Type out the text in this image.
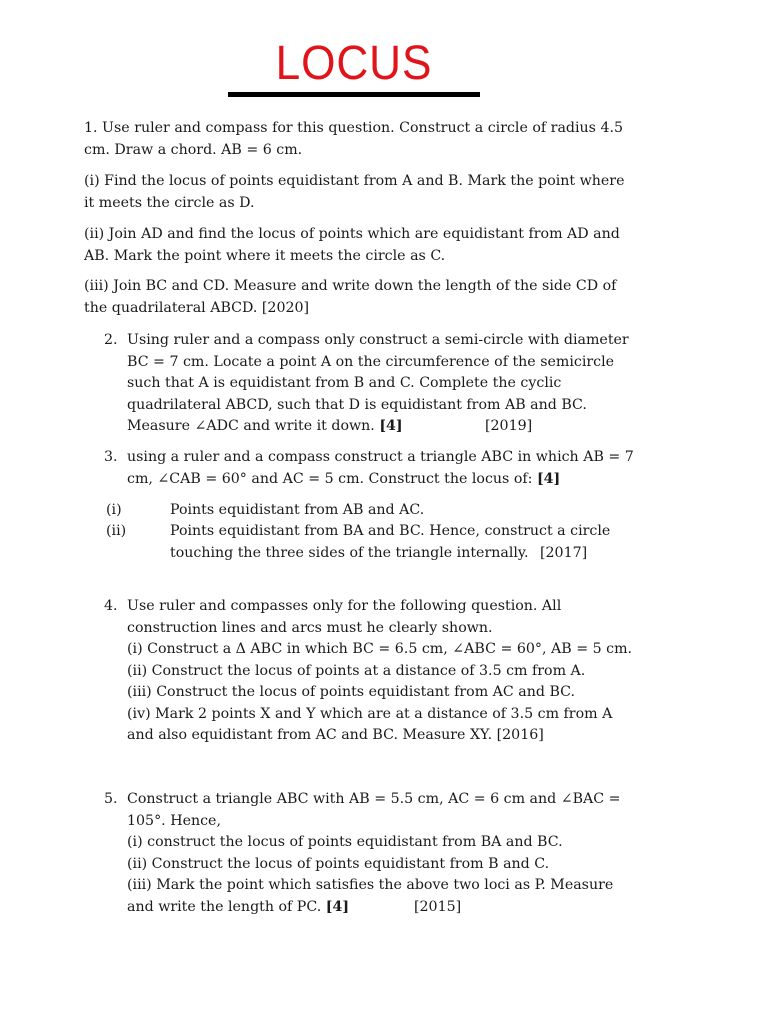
LOCUS
1. Use ruler and compass for this question. Construct a circle of radius 4.5
cm. Draw a chord. AB = 6 cm.
(i) Find the locus of points equidistant from A and B. Mark the point where
it meets the circle as D.
(ii) Join AD and find the locus of points which are equidistant from AD and
AB. Mark the point where it meets the circle as C.
(iii) Join BC and CD. Measure and write down the length of the side CD of
the quadrilateral ABCD. [2020]
2. Using ruler and a compass only construct a semi-circle with diameter
BC = 7 cm. Locate a point A on the circumference of the semicircle
such that A is equidistant from B and C. Complete the cyclic
quadrilateral ABCD, such that D is equidistant from AB and BC.
Measure ∠ADC and write it down. [4]	[2019]
3. using a ruler and a compass construct a triangle ABC in which AB = 7
cm, ∠CAB = 60° and AC = 5 cm. Construct the locus of: [4]
(i)	Points equidistant from AB and AC.
(ii)	Points equidistant from BA and BC. Hence, construct a circle
touching the three sides of the triangle internally. [2017]
4. Use ruler and compasses only for the following question. All
construction lines and arcs must he clearly shown.
(i) Construct a Δ ABC in which BC = 6.5 cm, ∠ABC = 60°, AB = 5 cm.
(ii) Construct the locus of points at a distance of 3.5 cm from A.
(iii) Construct the locus of points equidistant from AC and BC.
(iv) Mark 2 points X and Y which are at a distance of 3.5 cm from A
and also equidistant from AC and BC. Measure XY. [2016]
5. Construct a triangle ABC with AB = 5.5 cm, AC = 6 cm and ∠BAC =
105°. Hence,
(i) construct the locus of points equidistant from BA and BC.
(ii) Construct the locus of points equidistant from B and C.
(iii) Mark the point which satisfies the above two loci as P. Measure
and write the length of PC. [4]	[2015]
